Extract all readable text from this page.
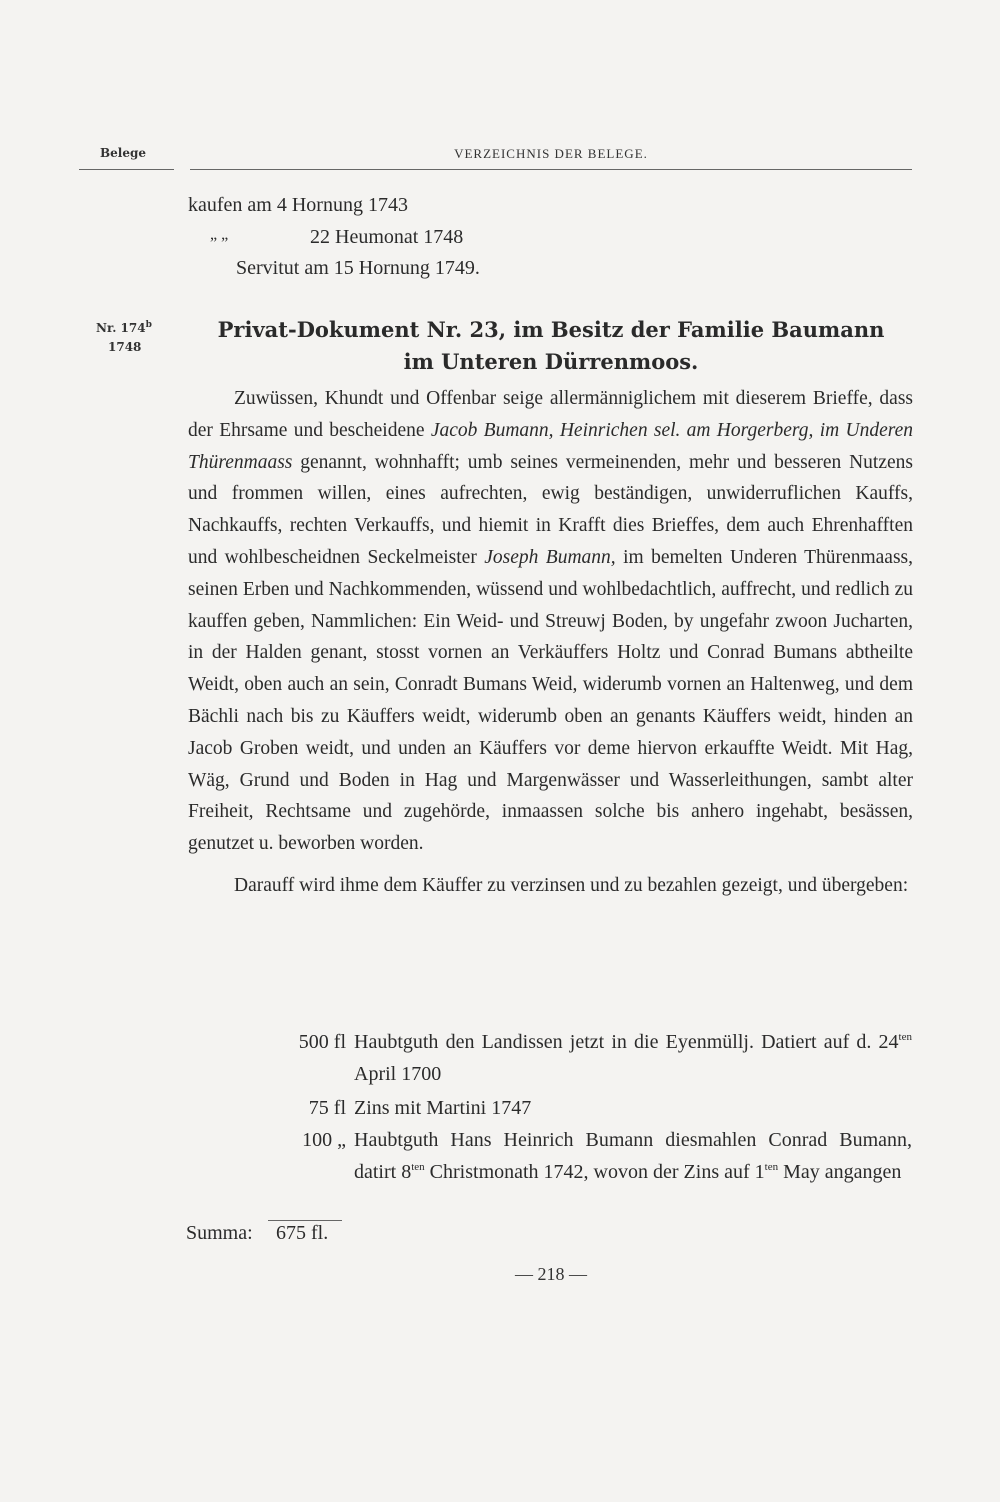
Belege	VERZEICHNIS DER BELEGE.
kaufen am 4 Hornung 1743
„ „	22 Heumonat 1748
Servitut am 15 Hornung 1749.
Nr. 174$^b$
1748
Privat-Dokument Nr. 23, im Besitz der Familie Baumann
im Unteren Dürrenmoos.

Zuwüssen, Khundt und Offenbar seige allermänniglichem mit dieserem Brieffe, dass der Ehrsame und bescheidene Jacob Bumann, Heinrichen sel. am Horgerberg, im Underen Thürenmaass genannt, wohnhafft; umb seines vermeinenden, mehr und besseren Nutzens und frommen willen, eines aufrechten, ewig beständigen, unwiderruflichen Kauffs, Nachkauffs, rechten Verkauffs, und hiemit in Krafft dies Brieffes, dem auch Ehrenhafften und wohlbescheidnen Seckelmeister Joseph Bumann, im bemelten Underen Thürenmaass, seinen Erben und Nachkommenden, wüssend und wohlbedachtlich, auffrecht, und redlich zu kauffen geben, Nammlichen: Ein Weid- und Streuwj Boden, by ungefahr zwoon Jucharten, in der Halden genant, stosst vornen an Verkäuffers Holtz und Conrad Bumans abtheilte Weidt, oben auch an sein, Conradt Bumans Weid, widerumb vornen an Haltenweg, und dem Bächli nach bis zu Käuffers weidt, widerumb oben an genants Käuffers weidt, hinden an Jacob Groben weidt, und unden an Käuffers vor deme hiervon erkauffte Weidt. Mit Hag, Wäg, Grund und Boden in Hag und Margenwässer und Wasserleithungen, sambt alter Freiheit, Rechtsame und zugehörde, inmaassen solche bis anhero ingehabt, besässen, genutzet u. beworben worden.

Darauff wird ihme dem Käuffer zu verzinsen und zu bezahlen gezeigt, und übergeben:

500 fl Haubtguth den Landissen jetzt in die Eyenmüllj. Datiert auf d. $24^{ten}$ April 1700
75 fl Zins mit Martini 1747
100 „ Haubtguth Hans Heinrich Bumann diesmahlen Conrad Bumann, datirt $8^{ten}$ Christmonath 1742, wovon der Zins auf $1^{ten}$ May angangen
Summa: 675 fl.
— 218 —
